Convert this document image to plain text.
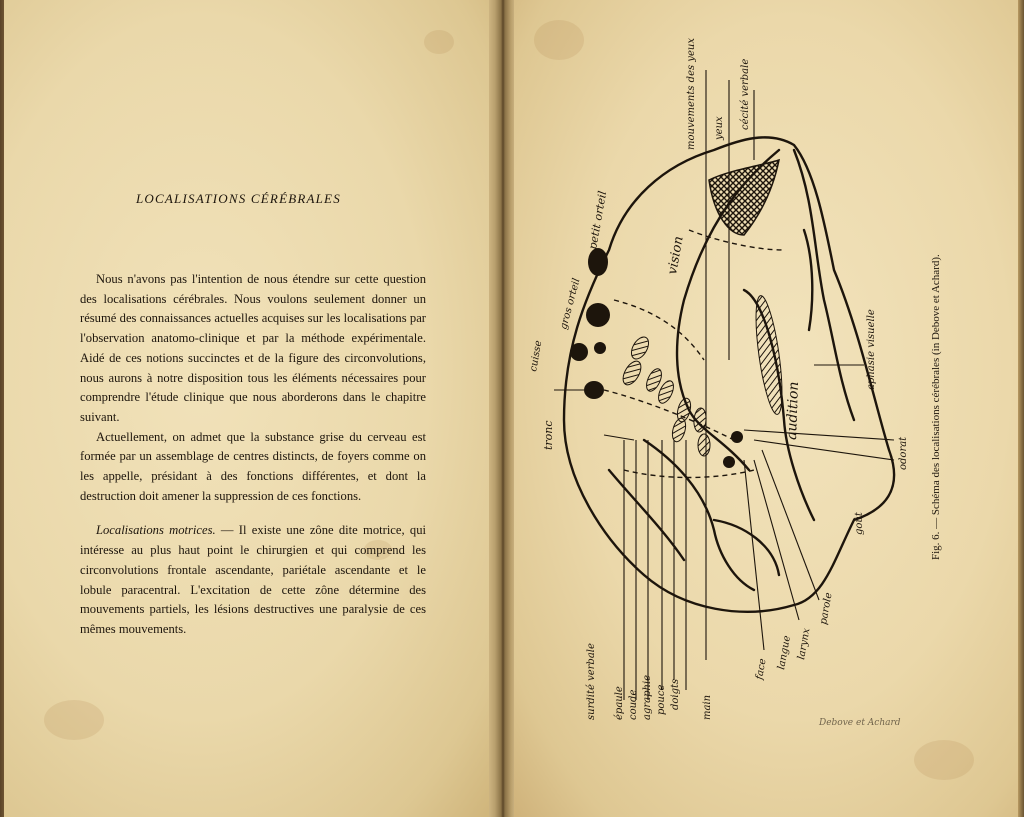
LOCALISATIONS CÉRÉBRALES

Nous n'avons pas l'intention de nous étendre sur cette question des localisations cérébrales. Nous voulons seulement donner un résumé des connaissances actuelles acquises sur les localisations par l'observation anatomo-clinique et par la méthode expérimentale. Aidé de ces notions succinctes et de la figure des circonvolutions, nous aurons à notre disposition tous les éléments nécessaires pour comprendre l'étude clinique que nous aborderons dans le chapitre suivant.

Actuellement, on admet que la substance grise du cerveau est formée par un assemblage de centres distincts, de foyers comme on les appelle, présidant à des fonctions différentes, et dont la destruction doit amener la suppression de ces fonctions.

Localisations motrices. — Il existe une zône dite motrice, qui intéresse au plus haut point le chirurgien et qui comprend les circonvolutions frontale ascendante, pariétale ascendante et le lobule paracentral. L'excitation de cette zône détermine des mouvements partiels, les lésions destructives une paralysie de ces mêmes mouvements.

vision
audition
tronc
petit orteil
gros orteil
cuisse
surdité verbale épaule coude agraphie pouce doigts main
face langue larynx
parole
mouvements des yeux yeux cécité verbale
aphasie visuelle
odorat
goût
Debove et Achard
Fig. 6. — Schéma des localisations cérébrales (in Debove et Achard).
